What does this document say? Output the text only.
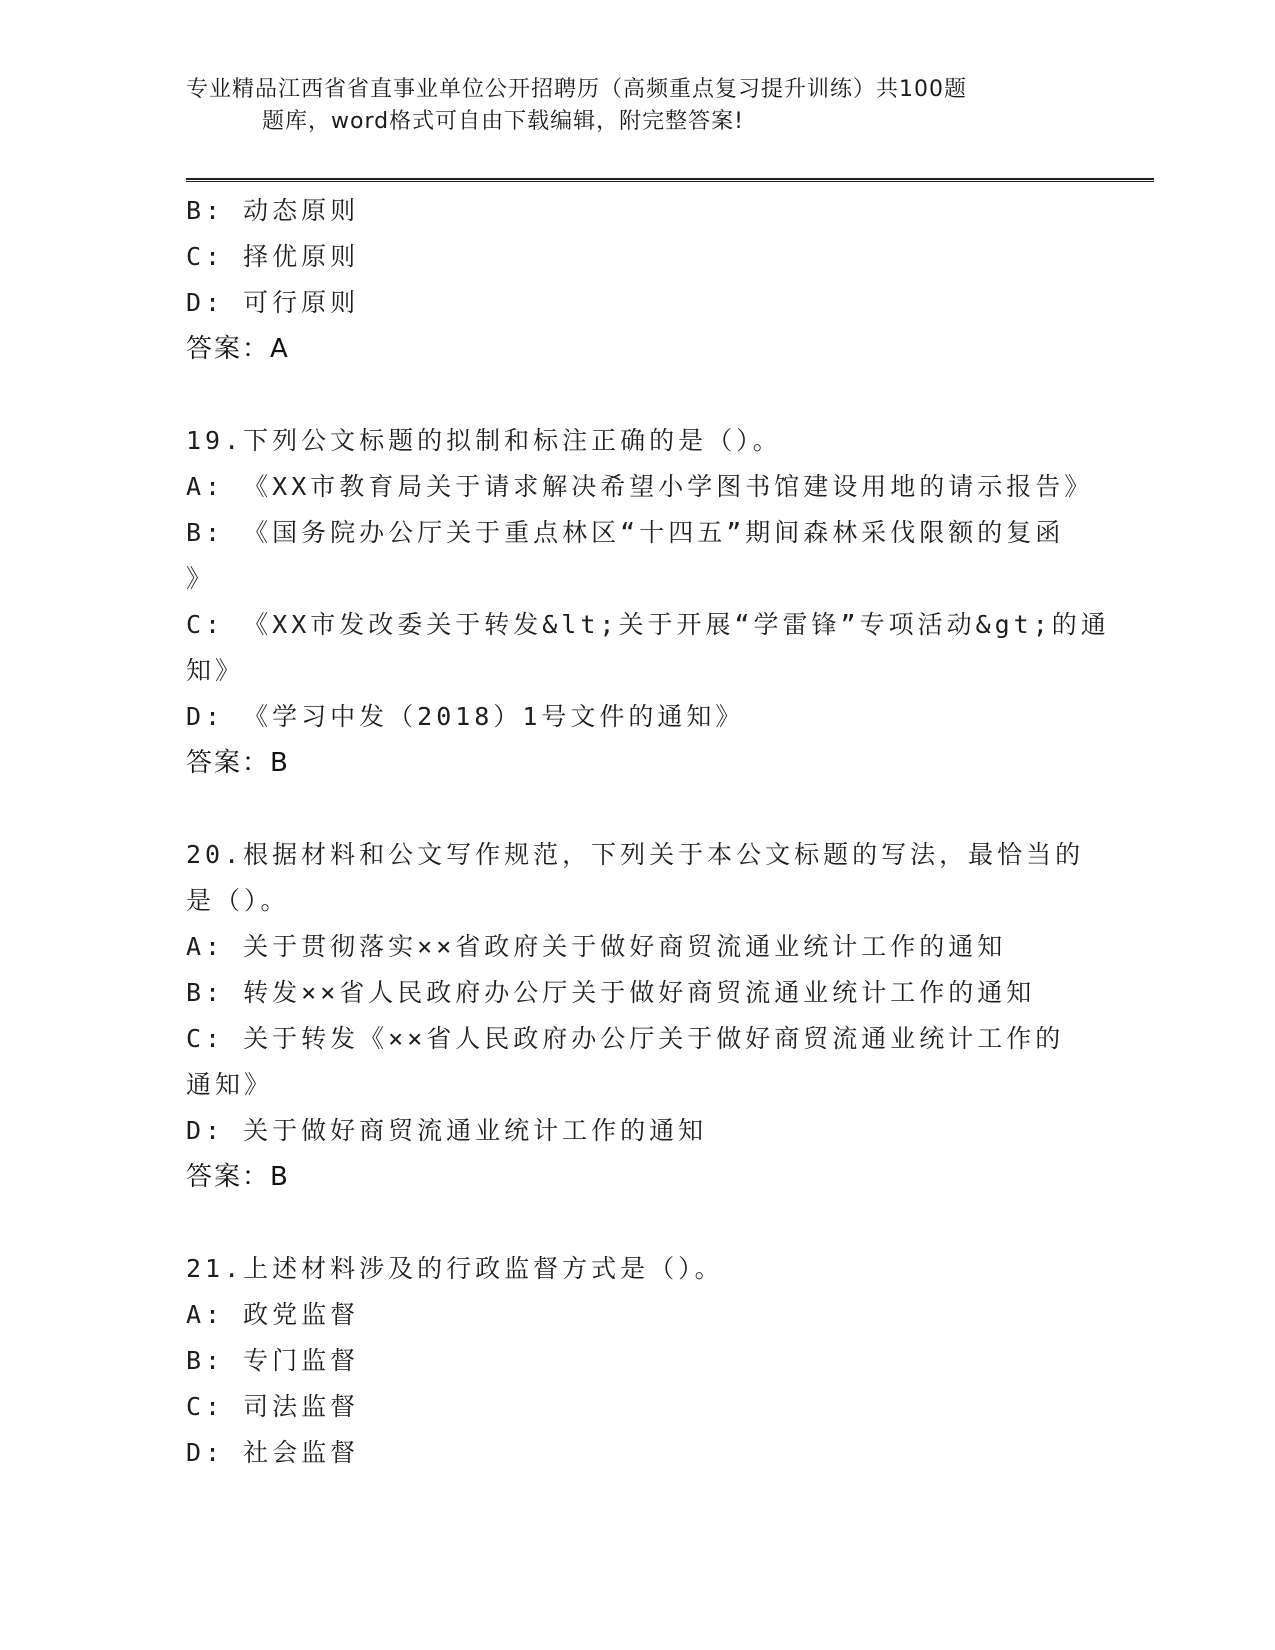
专业精品江西省省直事业单位公开招聘历（高频重点复习提升训练）共100题
题库，word格式可自由下载编辑，附完整答案!
B: 动态原则
C: 择优原则
D: 可行原则
答案：A
19.下列公文标题的拟制和标注正确的是（）。
A: 《XX市教育局关于请求解决希望小学图书馆建设用地的请示报告》
B: 《国务院办公厅关于重点林区“十四五”期间森林采伐限额的复函
》
C: 《XX市发改委关于转发&lt;关于开展“学雷锋”专项活动&gt;的通
知》
D: 《学习中发（2018）1号文件的通知》
答案：B
20.根据材料和公文写作规范，下列关于本公文标题的写法，最恰当的
是（）。
A: 关于贯彻落实××省政府关于做好商贸流通业统计工作的通知
B: 转发××省人民政府办公厅关于做好商贸流通业统计工作的通知
C: 关于转发《××省人民政府办公厅关于做好商贸流通业统计工作的
通知》
D: 关于做好商贸流通业统计工作的通知
答案：B
21.上述材料涉及的行政监督方式是（）。
A: 政党监督
B: 专门监督
C: 司法监督
D: 社会监督
